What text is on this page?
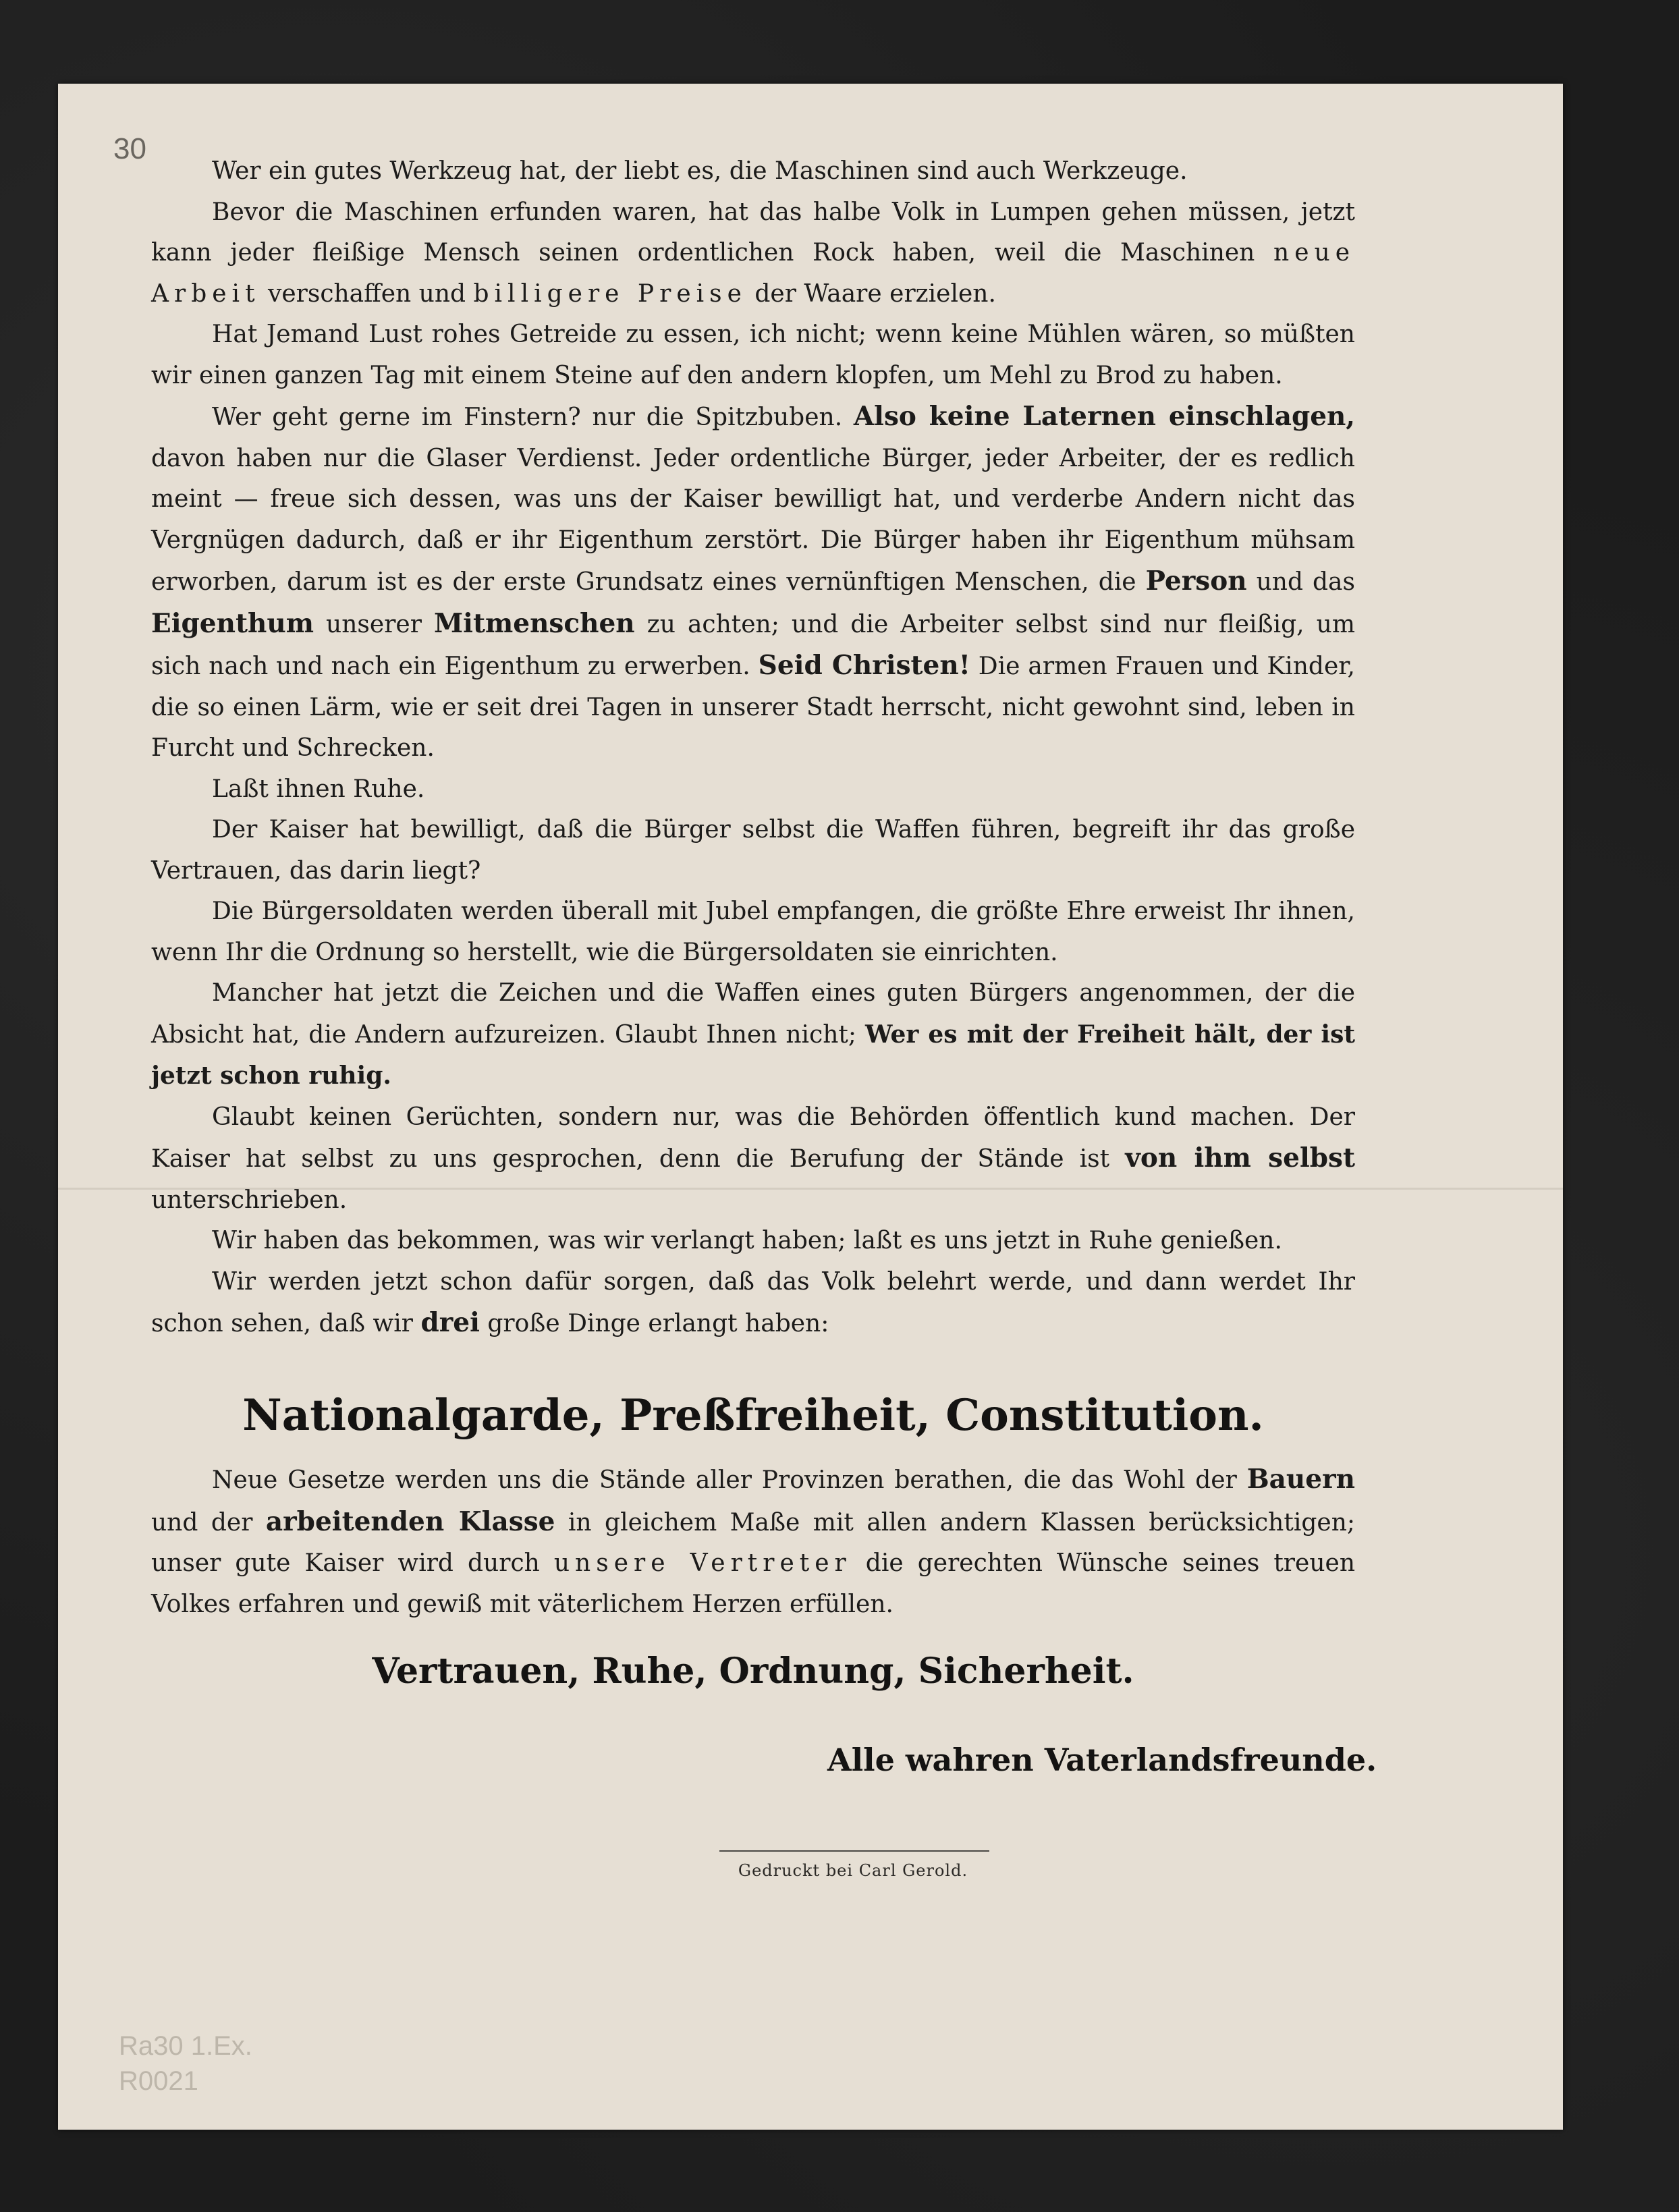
30

Wer ein gutes Werkzeug hat, der liebt es, die Maschinen sind auch Werkzeuge.

Bevor die Maschinen erfunden waren, hat das halbe Volk in Lumpen gehen müssen, jetzt kann jeder fleißige Mensch seinen ordentlichen Rock haben, weil die Maschinen neue Arbeit verschaffen und billigere Preise der Waare erzielen.

Hat Jemand Lust rohes Getreide zu essen, ich nicht; wenn keine Mühlen wären, so müßten wir einen ganzen Tag mit einem Steine auf den andern klopfen, um Mehl zu Brod zu haben.

Wer geht gerne im Finstern? nur die Spitzbuben. Also keine Laternen einschlagen, davon haben nur die Glaser Verdienst. Jeder ordentliche Bürger, jeder Arbeiter, der es redlich meint — freue sich dessen, was uns der Kaiser bewilligt hat, und verderbe Andern nicht das Vergnügen dadurch, daß er ihr Eigenthum zerstört. Die Bürger haben ihr Eigenthum mühsam erworben, darum ist es der erste Grundsatz eines vernünftigen Menschen, die Person und das Eigenthum unserer Mitmenschen zu achten; und die Arbeiter selbst sind nur fleißig, um sich nach und nach ein Eigenthum zu erwerben. Seid Christen! Die armen Frauen und Kinder, die so einen Lärm, wie er seit drei Tagen in unserer Stadt herrscht, nicht gewohnt sind, leben in Furcht und Schrecken.

Laßt ihnen Ruhe.

Der Kaiser hat bewilligt, daß die Bürger selbst die Waffen führen, begreift ihr das große Vertrauen, das darin liegt?

Die Bürgersoldaten werden überall mit Jubel empfangen, die größte Ehre erweist Ihr ihnen, wenn Ihr die Ordnung so herstellt, wie die Bürgersoldaten sie einrichten.

Mancher hat jetzt die Zeichen und die Waffen eines guten Bürgers angenommen, der die Absicht hat, die Andern aufzureizen. Glaubt Ihnen nicht; Wer es mit der Freiheit hält, der ist jetzt schon ruhig.

Glaubt keinen Gerüchten, sondern nur, was die Behörden öffentlich kund machen. Der Kaiser hat selbst zu uns gesprochen, denn die Berufung der Stände ist von ihm selbst unterschrieben.

Wir haben das bekommen, was wir verlangt haben; laßt es uns jetzt in Ruhe genießen.

Wir werden jetzt schon dafür sorgen, daß das Volk belehrt werde, und dann werdet Ihr schon sehen, daß wir drei große Dinge erlangt haben:

Nationalgarde, Preßfreiheit, Constitution.

Neue Gesetze werden uns die Stände aller Provinzen berathen, die das Wohl der Bauern und der arbeitenden Klasse in gleichem Maße mit allen andern Klassen berücksichtigen; unser gute Kaiser wird durch unsere Vertreter die gerechten Wünsche seines treuen Volkes erfahren und gewiß mit väterlichem Herzen erfüllen.

Vertrauen, Ruhe, Ordnung, Sicherheit.
Alle wahren Vaterlandsfreunde.
Gedruckt bei Carl Gerold.
Ra30 1.Ex.
R0021
